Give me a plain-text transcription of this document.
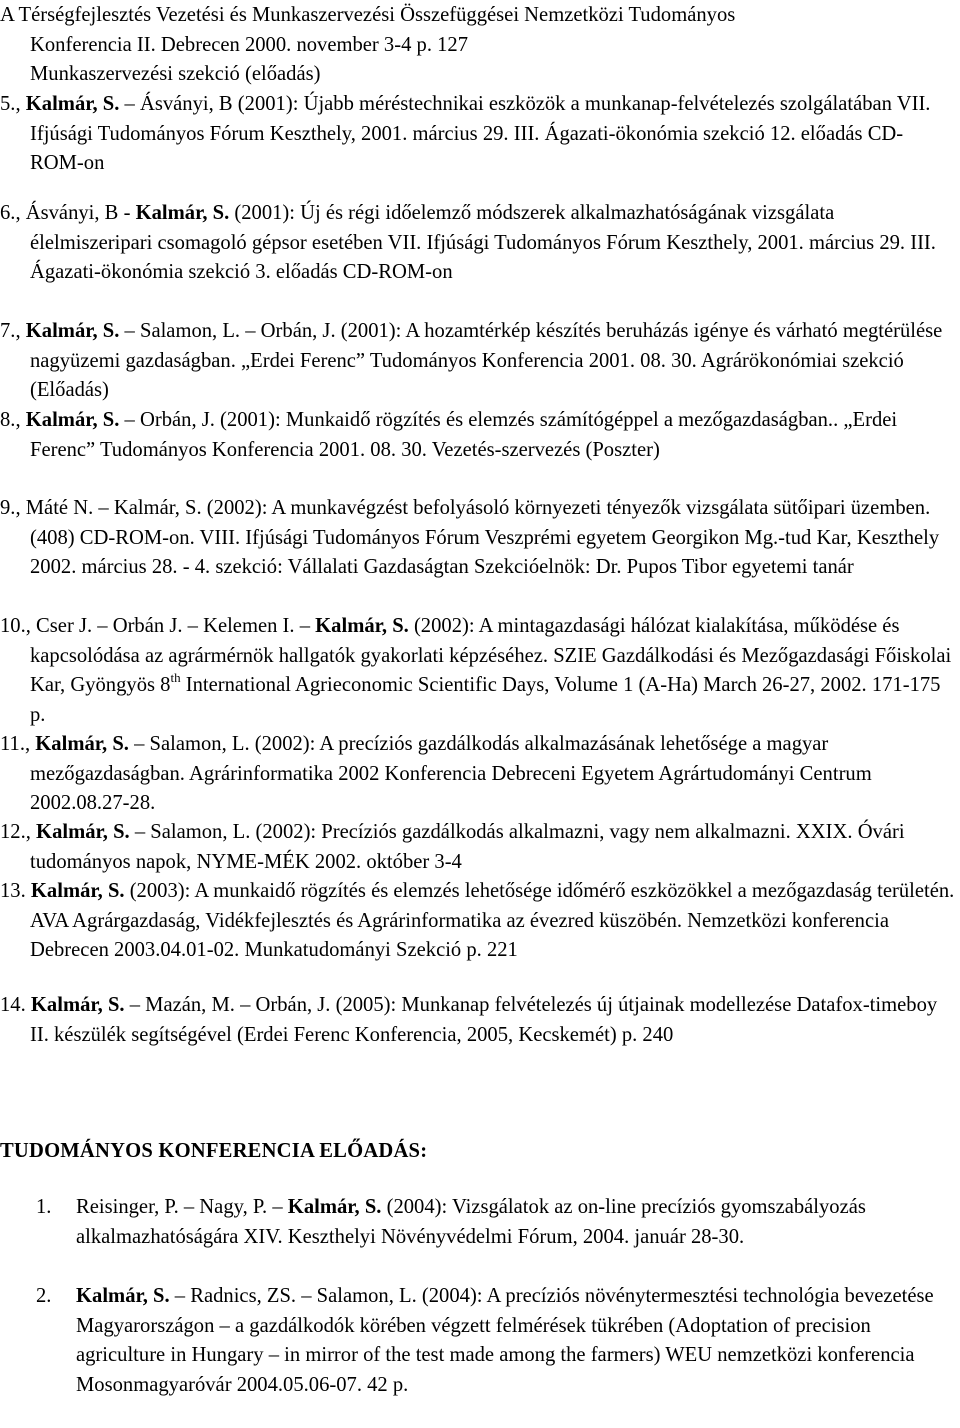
A Térségfejlesztés Vezetési és Munkaszervezési Összefüggései Nemzetközi Tudományos

Konferencia II. Debrecen 2000. november 3-4 p. 127

Munkaszervezési szekció (előadás)

5., Kalmár, S. – Ásványi, B (2001): Újabb méréstechnikai eszközök a munkanap-felvételezés szolgálatában VII. Ifjúsági Tudományos Fórum Keszthely, 2001. március 29. III. Ágazati-ökonómia szekció 12. előadás CD-ROM-on
6., Ásványi, B - Kalmár, S. (2001): Új és régi időelemző módszerek alkalmazhatóságának vizsgálata élelmiszeripari csomagoló gépsor esetében VII. Ifjúsági Tudományos Fórum Keszthely, 2001. március 29. III. Ágazati-ökonómia szekció 3. előadás CD-ROM-on
7., Kalmár, S. – Salamon, L. – Orbán, J. (2001): A hozamtérkép készítés beruházás igénye és várható megtérülése nagyüzemi gazdaságban. „Erdei Ferenc” Tudományos Konferencia 2001. 08. 30. Agrárökonómiai szekció (Előadás)
8., Kalmár, S. – Orbán, J. (2001): Munkaidő rögzítés és elemzés számítógéppel a mezőgazdaságban.. „Erdei Ferenc” Tudományos Konferencia 2001. 08. 30. Vezetés-szervezés (Poszter)
9., Máté N. – Kalmár, S. (2002): A munkavégzést befolyásoló környezeti tényezők vizsgálata sütőipari üzemben. (408) CD-ROM-on. VIII. Ifjúsági Tudományos Fórum Veszprémi egyetem Georgikon Mg.-tud Kar, Keszthely 2002. március 28. - 4. szekció: Vállalati Gazdaságtan Szekcióelnök: Dr. Pupos Tibor egyetemi tanár
10., Cser J. – Orbán J. – Kelemen I. – Kalmár, S. (2002): A mintagazdasági hálózat kialakítása, működése és kapcsolódása az agrármérnök hallgatók gyakorlati képzéséhez. SZIE Gazdálkodási és Mezőgazdasági Főiskolai Kar, Gyöngyös 8th International Agrieconomic Scientific Days, Volume 1 (A-Ha) March 26-27, 2002. 171-175 p.
11., Kalmár, S. – Salamon, L. (2002): A precíziós gazdálkodás alkalmazásának lehetősége a magyar mezőgazdaságban. Agrárinformatika 2002 Konferencia Debreceni Egyetem Agrártudományi Centrum 2002.08.27-28.
12., Kalmár, S. – Salamon, L. (2002): Precíziós gazdálkodás alkalmazni, vagy nem alkalmazni. XXIX. Óvári tudományos napok, NYME-MÉK 2002. október 3-4
13. Kalmár, S. (2003): A munkaidő rögzítés és elemzés lehetősége időmérő eszközökkel a mezőgazdaság területén. AVA Agrárgazdaság, Vidékfejlesztés és Agrárinformatika az évezred küszöbén. Nemzetközi konferencia Debrecen 2003.04.01-02. Munkatudományi Szekció p. 221
14. Kalmár, S. – Mazán, M. – Orbán, J. (2005): Munkanap felvételezés új útjainak modellezése Datafox-timeboy II. készülék segítségével (Erdei Ferenc Konferencia, 2005, Kecskemét) p. 240

TUDOMÁNYOS KONFERENCIA ELŐADÁS:

1. Reisinger, P. – Nagy, P. – Kalmár, S. (2004): Vizsgálatok az on-line precíziós gyomszabályozás alkalmazhatóságára XIV. Keszthelyi Növényvédelmi Fórum, 2004. január 28-30.
2. Kalmár, S. – Radnics, ZS. – Salamon, L. (2004): A precíziós növénytermesztési technológia bevezetése Magyarországon – a gazdálkodók körében végzett felmérések tükrében (Adoptation of precision agriculture in Hungary – in mirror of the test made among the farmers) WEU nemzetközi konferencia Mosonmagyaróvár 2004.05.06-07. 42 p.
